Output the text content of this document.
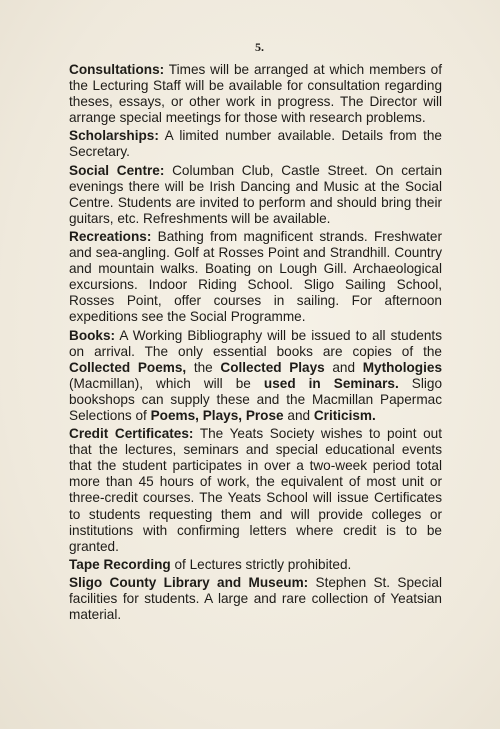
5.

Consultations: Times will be arranged at which members of the Lecturing Staff will be available for consultation regarding theses, essays, or other work in progress. The Director will arrange special meetings for those with research problems.

Scholarships: A limited number available. Details from the Secretary.

Social Centre: Columban Club, Castle Street. On certain evenings there will be Irish Dancing and Music at the Social Centre. Students are invited to perform and should bring their guitars, etc. Refreshments will be available.

Recreations: Bathing from magnificent strands. Freshwater and sea-angling. Golf at Rosses Point and Strandhill. Country and mountain walks. Boating on Lough Gill. Archaeological excursions. Indoor Riding School. Sligo Sailing School, Rosses Point, offer courses in sailing. For afternoon expeditions see the Social Programme.

Books: A Working Bibliography will be issued to all students on arrival. The only essential books are copies of the Collected Poems, the Collected Plays and Mythologies (Macmillan), which will be used in Seminars. Sligo bookshops can supply these and the Macmillan Papermac Selections of Poems, Plays, Prose and Criticism.

Credit Certificates: The Yeats Society wishes to point out that the lectures, seminars and special educational events that the student participates in over a two-week period total more than 45 hours of work, the equivalent of most unit or three-credit courses. The Yeats School will issue Certificates to students requesting them and will provide colleges or institutions with confirming letters where credit is to be granted.

Tape Recording of Lectures strictly prohibited.

Sligo County Library and Museum: Stephen St. Special facilities for students. A large and rare collection of Yeatsian material.
